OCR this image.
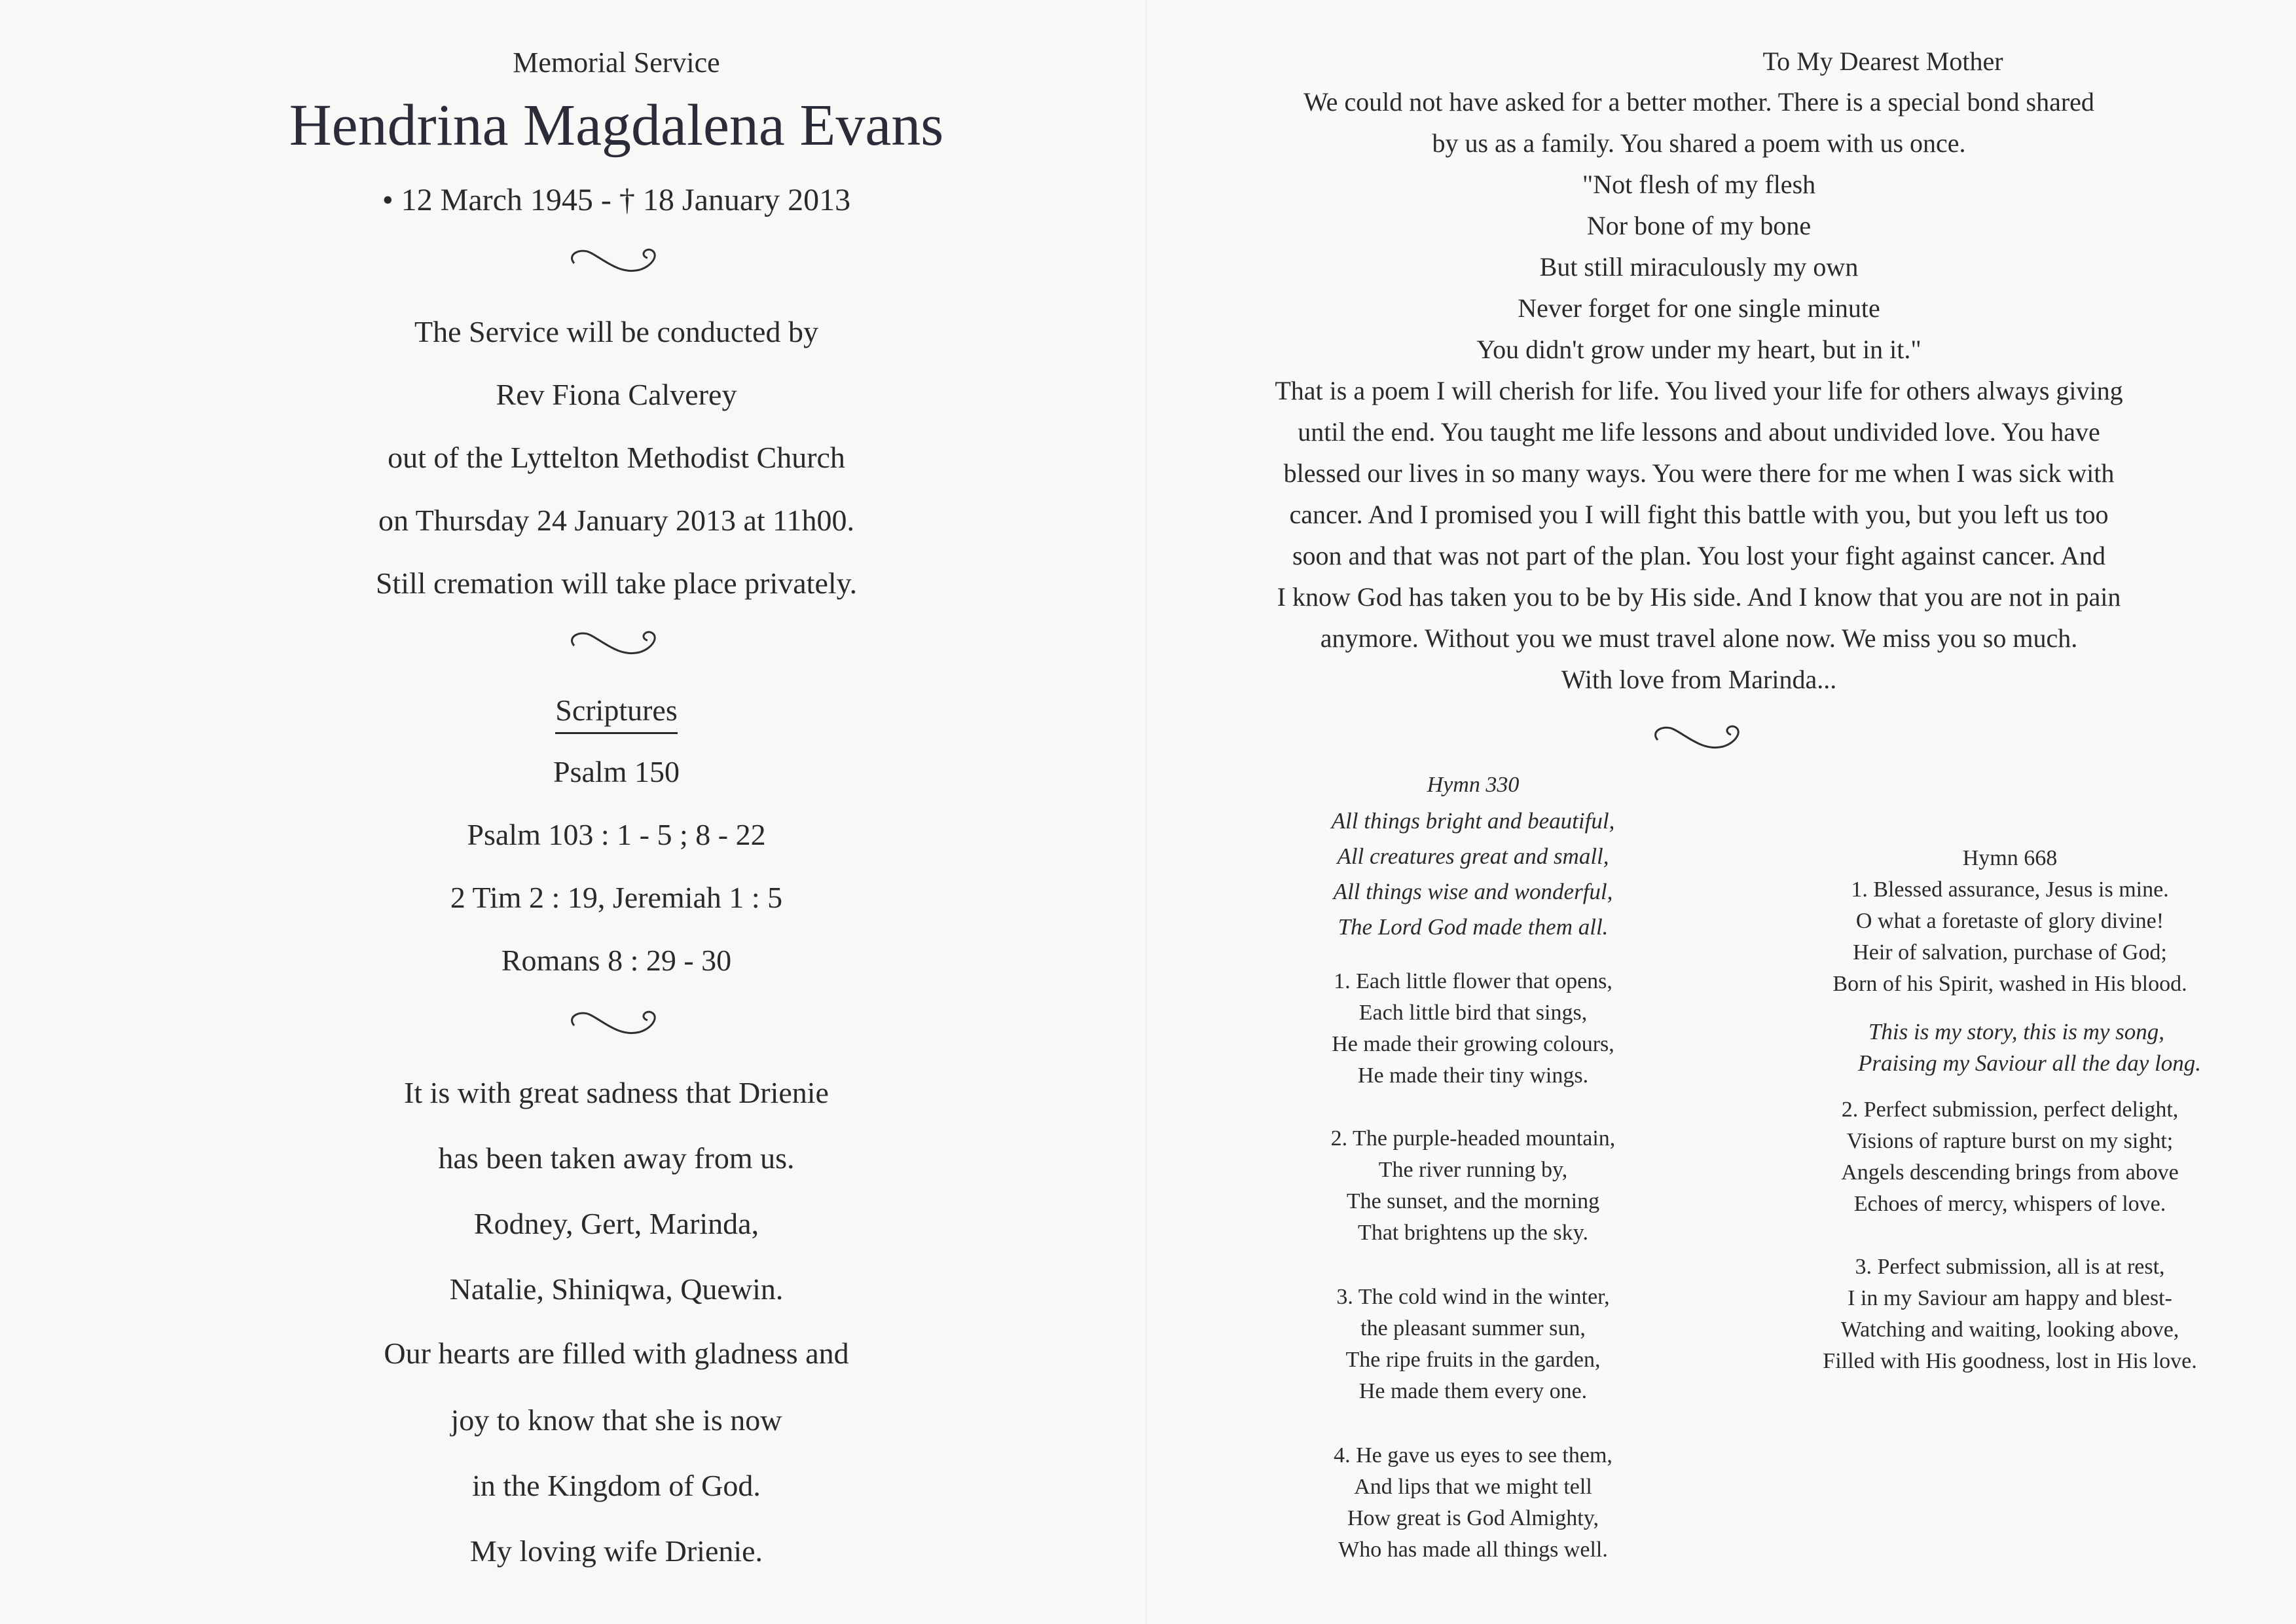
Memorial Service
Hendrina Magdalena Evans
• 12 March 1945 - † 18 January 2013
The Service will be conducted by
Rev Fiona Calverey
out of the Lyttelton Methodist Church
on Thursday 24 January 2013 at 11h00.
Still cremation will take place privately.
Scriptures
Psalm 150
Psalm 103 : 1 - 5 ; 8 - 22
2 Tim 2 : 19, Jeremiah 1 : 5
Romans 8 : 29 - 30
It is with great sadness that Drienie
has been taken away from us.
Rodney, Gert, Marinda,
Natalie, Shiniqwa, Quewin.
Our hearts are filled with gladness and
joy to know that she is now
in the Kingdom of God.
My loving wife Drienie.
To My Dearest Mother
We could not have asked for a better mother. There is a special bond shared
by us as a family. You shared a poem with us once.
"Not flesh of my flesh
Nor bone of my bone
But still miraculously my own
Never forget for one single minute
You didn't grow under my heart, but in it."
That is a poem I will cherish for life. You lived your life for others always giving
until the end. You taught me life lessons and about undivided love. You have
blessed our lives in so many ways. You were there for me when I was sick with
cancer. And I promised you I will fight this battle with you, but you left us too
soon and that was not part of the plan. You lost your fight against cancer. And
I know God has taken you to be by His side. And I know that you are not in pain
anymore. Without you we must travel alone now. We miss you so much.
With love from Marinda...
Hymn 330
All things bright and beautiful,
All creatures great and small,
All things wise and wonderful,
The Lord God made them all.
1. Each little flower that opens,
Each little bird that sings,
He made their growing colours,
He made their tiny wings.
2. The purple-headed mountain,
The river running by,
The sunset, and the morning
That brightens up the sky.
3. The cold wind in the winter,
the pleasant summer sun,
The ripe fruits in the garden,
He made them every one.
4. He gave us eyes to see them,
And lips that we might tell
How great is God Almighty,
Who has made all things well.
Hymn 668
1. Blessed assurance, Jesus is mine.
O what a foretaste of glory divine!
Heir of salvation, purchase of God;
Born of his Spirit, washed in His blood.
This is my story, this is my song,
Praising my Saviour all the day long.
2. Perfect submission, perfect delight,
Visions of rapture burst on my sight;
Angels descending brings from above
Echoes of mercy, whispers of love.
3. Perfect submission, all is at rest,
I in my Saviour am happy and blest-
Watching and waiting, looking above,
Filled with His goodness, lost in His love.
